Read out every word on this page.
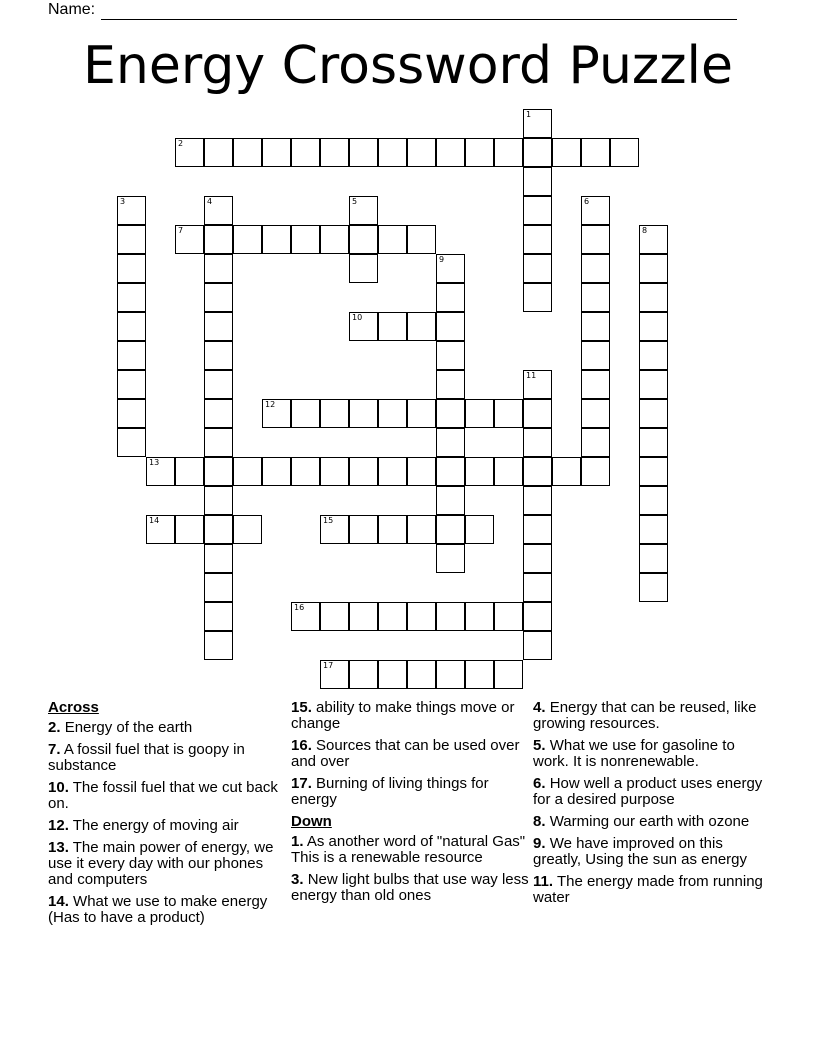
Name:
Energy Crossword Puzzle
1
2
3	4	5	6
7	8
9
10
11
12
13
14	15
16
17
Across
2. Energy of the earth
7. A fossil fuel that is goopy in substance
10. The fossil fuel that we cut back on.
12. The energy of moving air
13. The main power of energy, we use it every day with our phones and computers
14. What we use to make energy (Has to have a product)
15. ability to make things move or change
16. Sources that can be used over and over
17. Burning of living things for energy
Down
1. As another word of "natural Gas" This is a renewable resource
3. New light bulbs that use way less energy than old ones
4. Energy that can be reused, like growing resources.
5. What we use for gasoline to work. It is nonrenewable.
6. How well a product uses energy for a desired purpose
8. Warming our earth with ozone
9. We have improved on this greatly, Using the sun as energy
11. The energy made from running water
